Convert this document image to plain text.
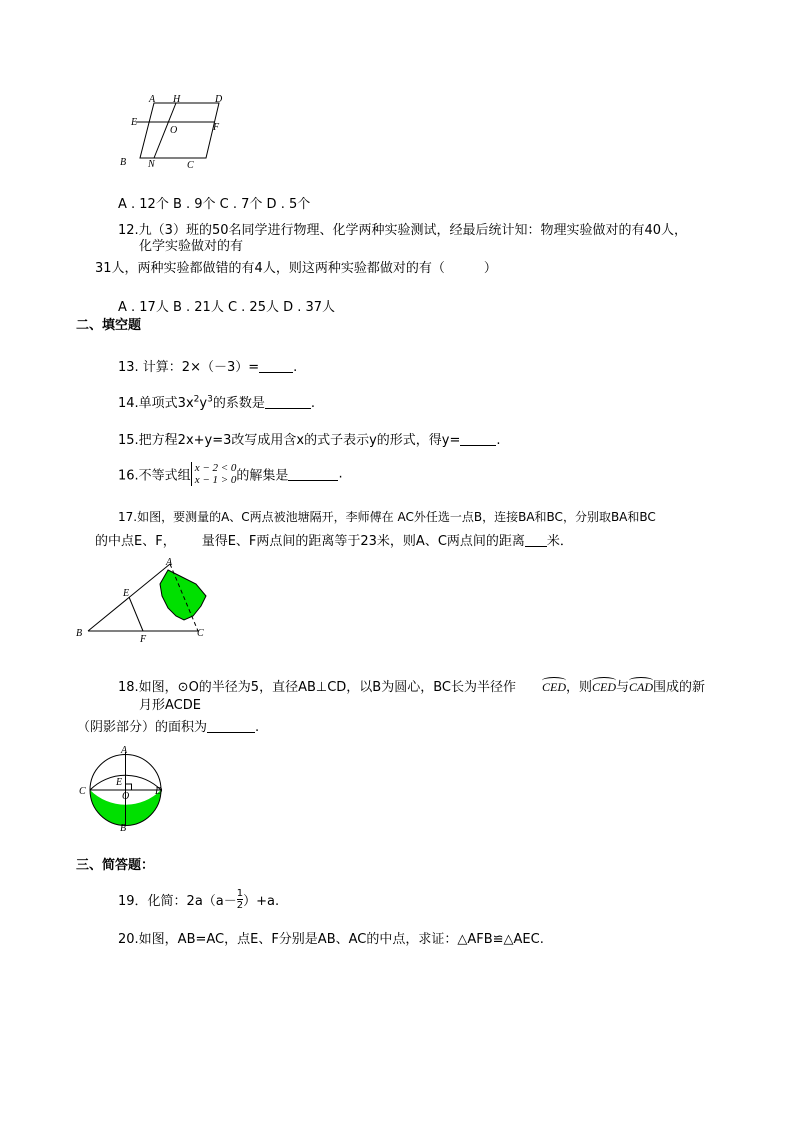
A H	D
E
O	F
B N	C
A . 12个 B . 9个 C . 7个 D . 5个
12.九（3）班的50名同学进行物理、化学两种实验测试，经最后统计知：物理实验做对的有40人，
化学实验做对的有
31人，两种实验都做错的有4人，则这两种实验都做对的有（　　　）
A . 17人 B . 21人 C . 25人 D . 37人
二、填空题
13. 计算：2×（－3）=	.
14.单项式$3x^2y^3$的系数是	.
15.把方程2x+y=3改写成用含x的式子表示y的形式，得y=	.
16.不等式组
x − 2 < 0
x − 1 > 0 的解集是	.
17.如图，要测量的A、C两点被池塘隔开，李师傅在 AC外任选一点B，连接BA和BC，分别取BA和BC
的中点E、F， 量得E、F两点间的距离等于23米，则A、C两点间的距离 米．
A
E
B
F
C
18.如图，⊙O的半径为5，直径AB⊥CD，以B为圆心，BC长为半径作 CED，则CED与CAD围成的新
月形ACDE
（阴影部分）的面积为	.
A
E
C	O	D
B
三、简答题：
19．化简：$2a(a- \frac{1}{2} )+a$.
20.如图，AB=AC，点E、F分别是AB、AC的中点，求证：△AFB≌△AEC.
